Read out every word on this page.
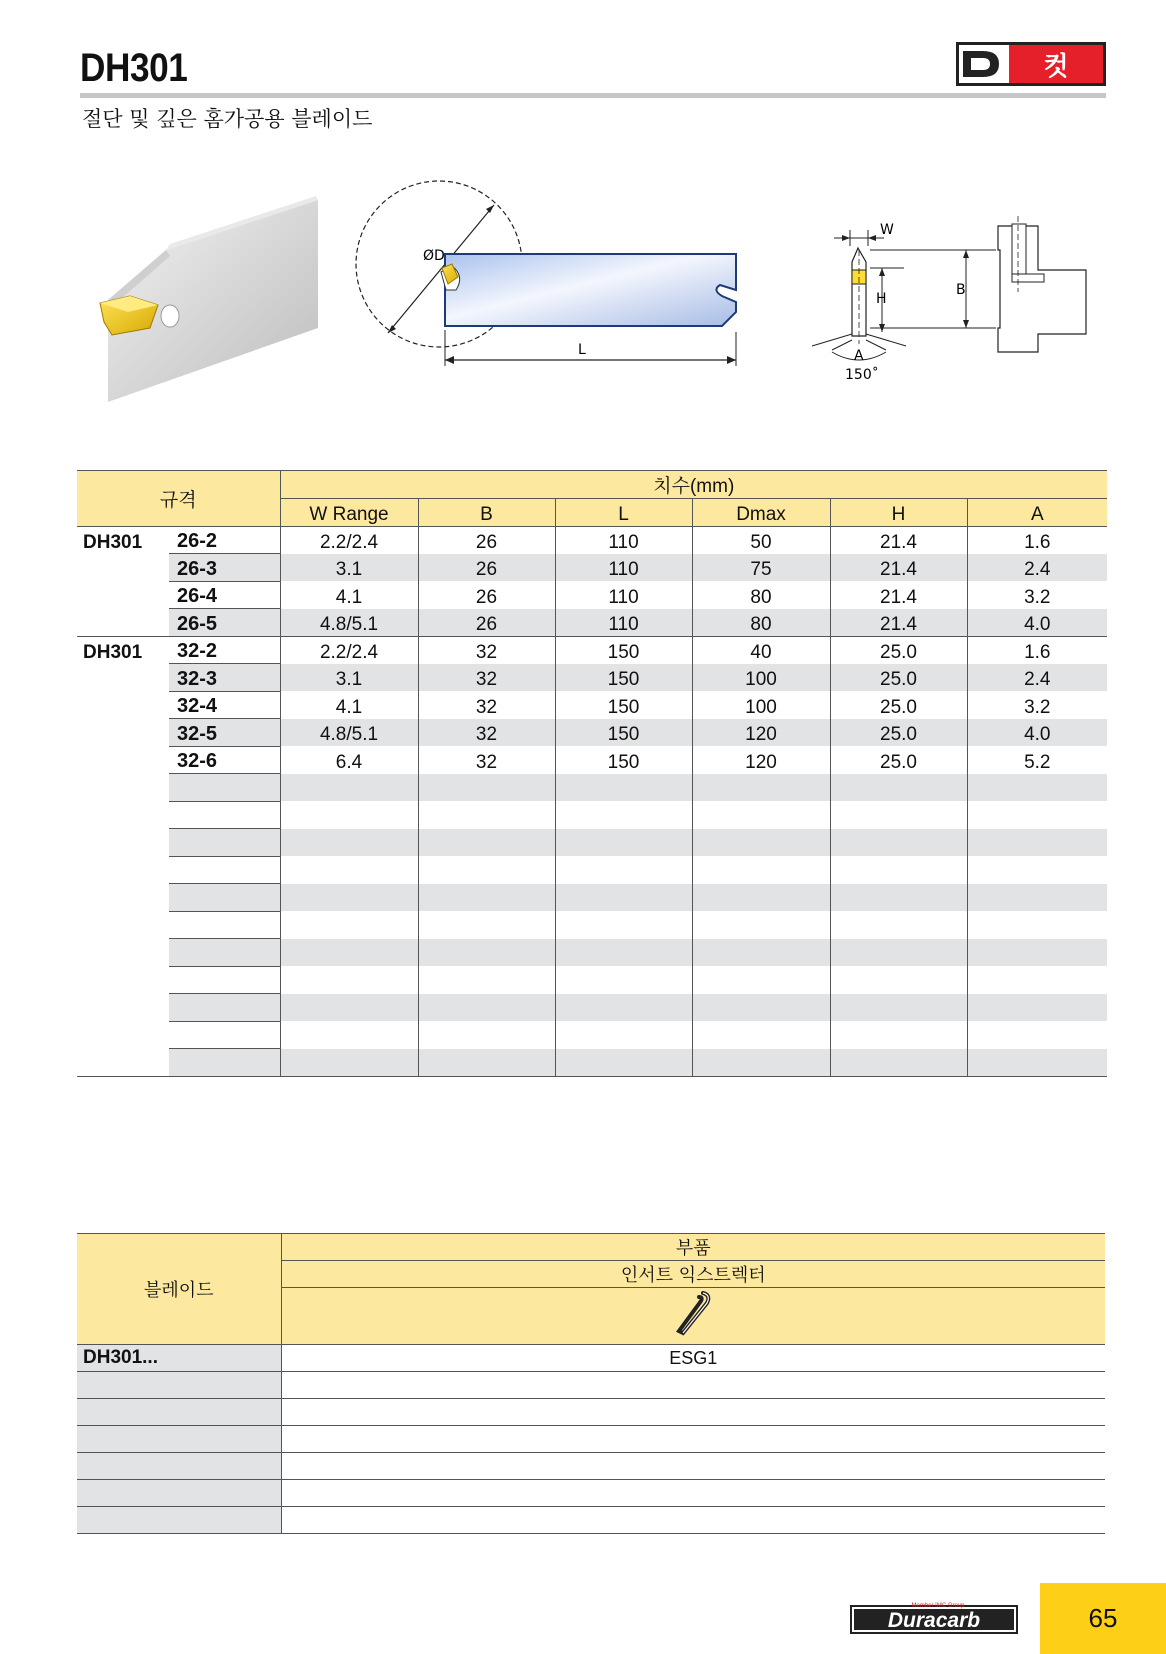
DH301	컷
절단 및 깊은 홈가공용 블레이드
ØD
L
W
H
B
A
150˚
규격		치수(mm)					
		W Range	B	L	Dmax	H	A
DH301	26-2	2.2/2.4	26	110	50	21.4	1.6
	26-3	3.1	26	110	75	21.4	2.4
	26-4	4.1	26	110	80	21.4	3.2
	26-5	4.8/5.1	26	110	80	21.4	4.0
DH301	32-2	2.2/2.4	32	150	40	25.0	1.6
	32-3	3.1	32	150	100	25.0	2.4
	32-4	4.1	32	150	100	25.0	3.2
	32-5	4.8/5.1	32	150	120	25.0	4.0
	32-6	6.4	32	150	120	25.0	5.2

블레이드	부품
	인서트 익스트렉터

DH301...	ESG1

Duracarb
Member IMC Group	65
